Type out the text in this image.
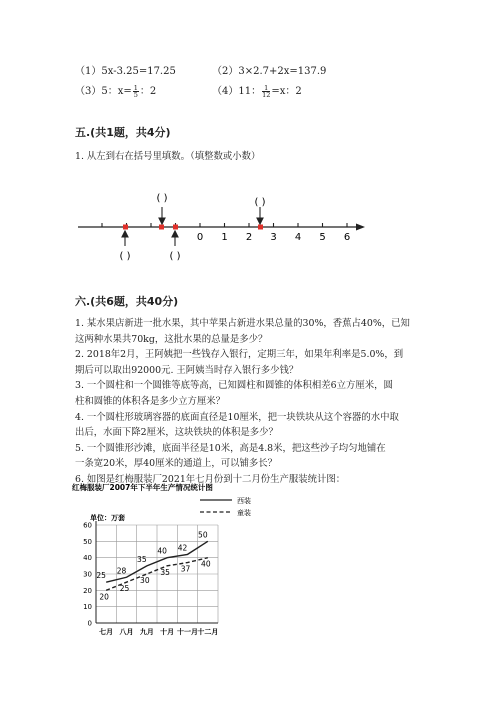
（1）5x-3.25=17.25	（2）3×2.7+2x=137.9
（3）5：$x= \frac{1}{5}$ ：2	（4）11： $\frac{1}{12} =x$：2
五.(共1题，共4分)
1. 从左到右在括号里填数。（填整数或小数）
0 1 2 3 4 5 6
( )	( )
( )	( )
六.(共6题，共40分)
1. 某水果店新进一批水果，其中苹果占新进水果总量的30%，香蕉占40%，已知
这两种水果共70kg，这批水果的总量是多少？
2. 2018年2月，王阿姨把一些钱存入银行，定期三年，如果年利率是5.0%，到
期后可以取出92000元. 王阿姨当时存入银行多少钱？
3. 一个圆柱和一个圆锥等底等高，已知圆柱和圆锥的体积相差6立方厘米，圆
柱和圆锥的体积各是多少立方厘米？
4. 一个圆柱形玻璃容器的底面直径是10厘米，把一块铁块从这个容器的水中取
出后，水面下降2厘米，这块铁块的体积是多少？
5. 一个圆锥形沙滩，底面半径是10米，高是4.8米，把这些沙子均匀地铺在
一条宽20米，厚40厘米的通道上，可以铺多长？
6. 如图是红梅服装厂2021年七月份到十二月份生产服装统计图：
红梅服装厂2007年下半年生产情况统计图
单位：万套
西装
童装
0
10
20
30
40
50
60
七月 八月 九月 十月 十一月 十二月
25
28
35
40 42
50
20
25
30
35 37
40
